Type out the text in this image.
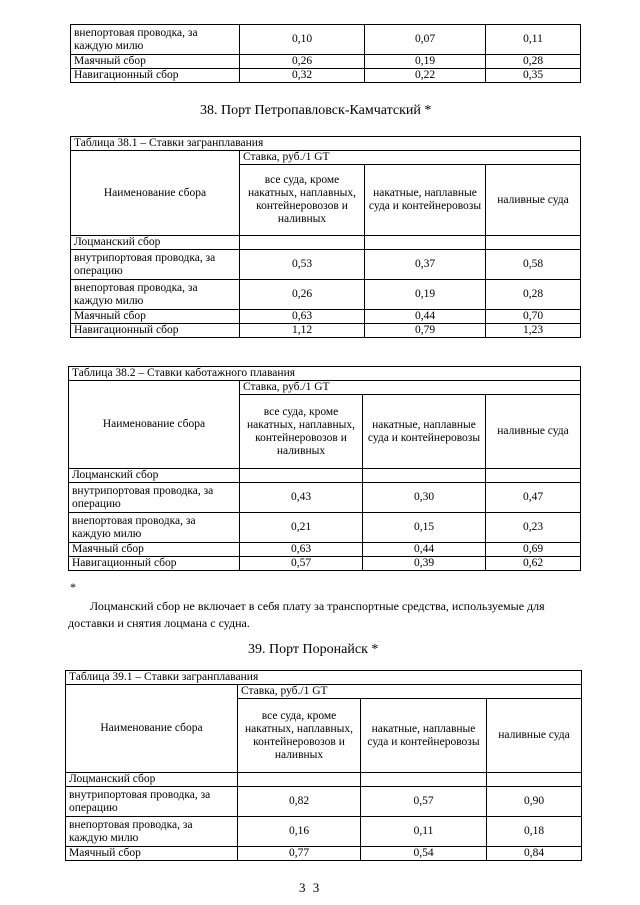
внепортовая проводка, за каждую милю	0,10	0,07	0,11
Маячный сбор	0,26	0,19	0,28
Навигационный сбор	0,32	0,22	0,35
38. Порт Петропавловск-Камчатский *
Таблица 38.1 – Ставки загранплавания			
Наименование сбора	Ставка, руб./1 GT		
	все суда, кроме накатных, наплавных, контейнеровозов и наливных	накатные, наплавные суда и контейнеровозы	наливные суда
Лоцманский сбор			
внутрипортовая проводка, за операцию	0,53	0,37	0,58
внепортовая проводка, за каждую милю	0,26	0,19	0,28
Маячный сбор	0,63	0,44	0,70
Навигационный сбор	1,12	0,79	1,23
Таблица 38.2 – Ставки каботажного плавания			
Наименование сбора	Ставка, руб./1 GT		
	все суда, кроме накатных, наплавных, контейнеровозов и наливных	накатные, наплавные суда и контейнеровозы	наливные суда
Лоцманский сбор			
внутрипортовая проводка, за операцию	0,43	0,30	0,47
внепортовая проводка, за каждую милю	0,21	0,15	0,23
Маячный сбор	0,63	0,44	0,69
Навигационный сбор	0,57	0,39	0,62
*
Лоцманский сбор не включает в себя плату за транспортные средства, используемые для доставки и снятия лоцмана с судна.
39. Порт Поронайск *
Таблица 39.1 – Ставки загранплавания			
Наименование сбора	Ставка, руб./1 GT		
	все суда, кроме накатных, наплавных, контейнеровозов и наливных	накатные, наплавные суда и контейнеровозы	наливные суда
Лоцманский сбор			
внутрипортовая проводка, за операцию	0,82	0,57	0,90
внепортовая проводка, за каждую милю	0,16	0,11	0,18
Маячный сбор	0,77	0,54	0,84
3 3
